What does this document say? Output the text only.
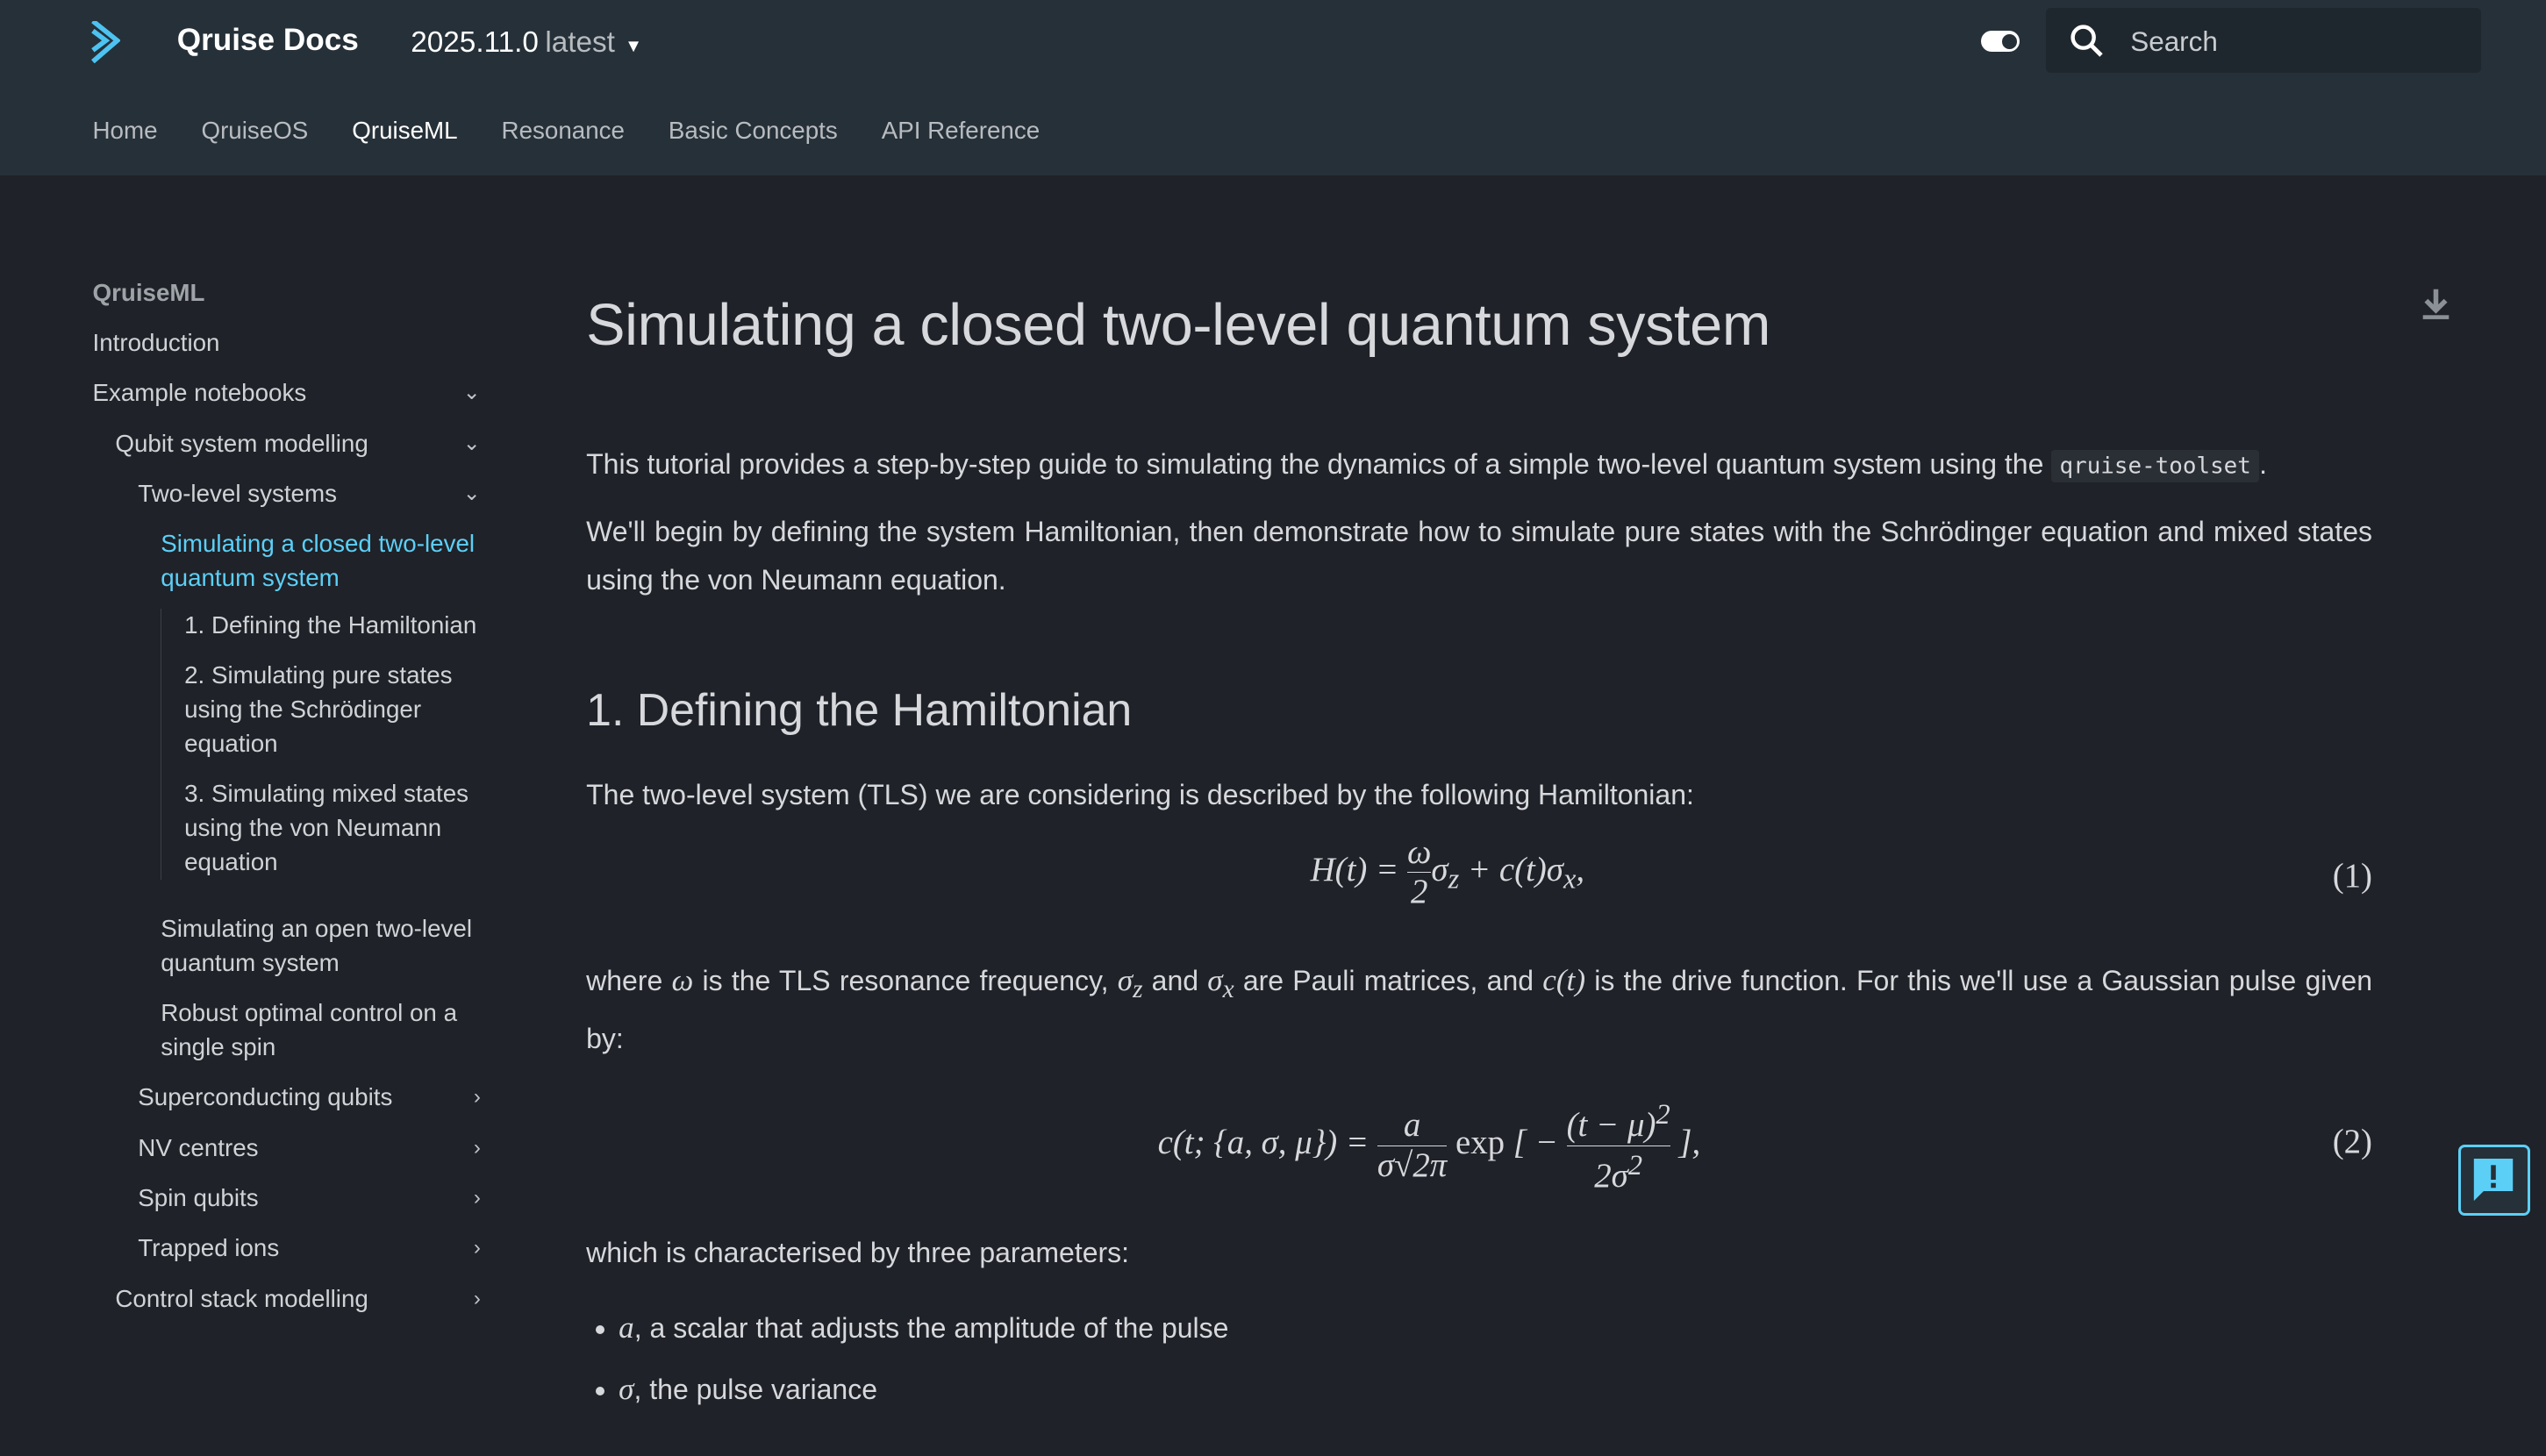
Qruise Docs	2025.11.0 latest ▼
Search
Home	QruiseOS	QruiseML	Resonance	Basic Concepts	API Reference
QruiseML
Introduction
Example notebooks	⌄
Qubit system modelling	⌄
Two-level systems	⌄
Simulating a closed two-level quantum system
1. Defining the Hamiltonian
2. Simulating pure states using the Schrödinger equation
3. Simulating mixed states using the von Neumann equation
Simulating an open two-level quantum system
Robust optimal control on a single spin
Superconducting qubits	›
NV centres	›
Spin qubits	›
Trapped ions	›
Control stack modelling	›
Simulating a closed two-level quantum system

This tutorial provides a step-by-step guide to simulating the dynamics of a simple two-level quantum system using the qruise-toolset .

We'll begin by defining the system Hamiltonian, then demonstrate how to simulate pure states with the Schrödinger equation and mixed states using the von Neumann equation.

1. Defining the Hamiltonian

The two-level system (TLS) we are considering is described by the following Hamiltonian:

$H(t) = \frac{\omega}{2} \sigma_z + c(t)\sigma_x$,	(1)

where ω is the TLS resonance frequency, $\sigma_z$ and $\sigma_x$ are Pauli matrices, and c(t) is the drive function. For this we'll use a Gaussian pulse given by:

c(t; {a, σ, $\mu\}) = \frac{a}{\sigma√2\pi}$ exp [ − $\frac{(t - \mu)^2}{2\sigma^2}$ ],	(2)

which is characterised by three parameters:

• a, a scalar that adjusts the amplitude of the pulse
• σ, the pulse variance
